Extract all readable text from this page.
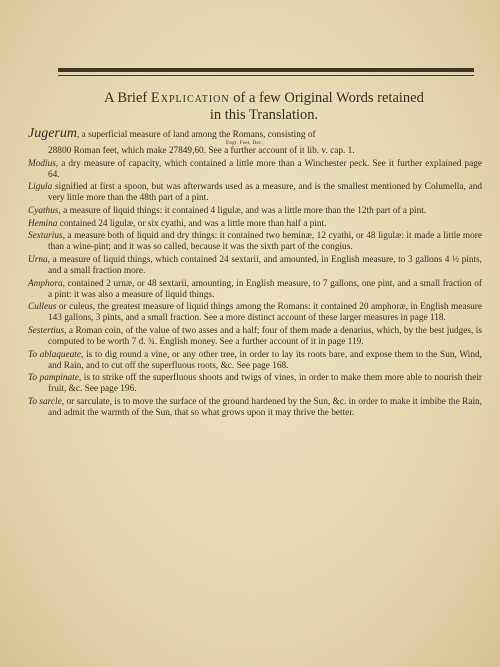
A Brief Explication of a few Original Words retained
in this Translation.
Jugerum, a superficial measure of land among the Romans, consisting of
Engl. Feet. Dec.
28800 Roman feet, which make 27849,60. See a further account of it lib. v. cap. 1.
Modius, a dry measure of capacity, which contained a little more than a Winchester peck. See it further explained page 64.
Ligula signified at first a spoon, but was afterwards used as a measure, and is the smallest mentioned by Columella, and very little more than the 48th part of a pint.
Cyathus, a measure of liquid things: it contained 4 ligulæ, and was a little more than the 12th part of a pint.
Hemina contained 24 ligulæ, or six cyathi, and was a little more than half a pint.
Sextarius, a measure both of liquid and dry things: it contained two heminæ, 12 cyathi, or 48 ligulæ: it made a little more than a wine-pint; and it was so called, because it was the sixth part of the congius.
Urna, a measure of liquid things, which contained 24 sextarii, and amounted, in English measure, to 3 gallons 4 ½ pints, and a small fraction more.
Amphora, contained 2 urnæ, or 48 sextarii, amounting, in English measure, to 7 gallons, one pint, and a small fraction of a pint: it was also a measure of liquid things.
Culleus or culeus, the greatest measure of liquid things among the Romans: it contained 20 amphoræ, in English measure 143 gallons, 3 pints, and a small fraction. See a more distinct account of these larger measures in page 118.
Sestertius, a Roman coin, of the value of two asses and a half; four of them made a denarius, which, by the best judges, is computed to be worth 7 d. ¾. English money. See a further account of it in page 119.
To ablaqueate, is to dig round a vine, or any other tree, in order to lay its roots bare, and expose them to the Sun, Wind, and Rain, and to cut off the superfluous roots, &c. See page 168.
To pampinate, is to strike off the superfluous shoots and twigs of vines, in order to make them more able to nourish their fruit, &c. See page 196.
To sarcle, or sarculate, is to move the surface of the ground hardened by the Sun, &c. in order to make it imbibe the Rain, and admit the warmth of the Sun, that so what grows upon it may thrive the better.
